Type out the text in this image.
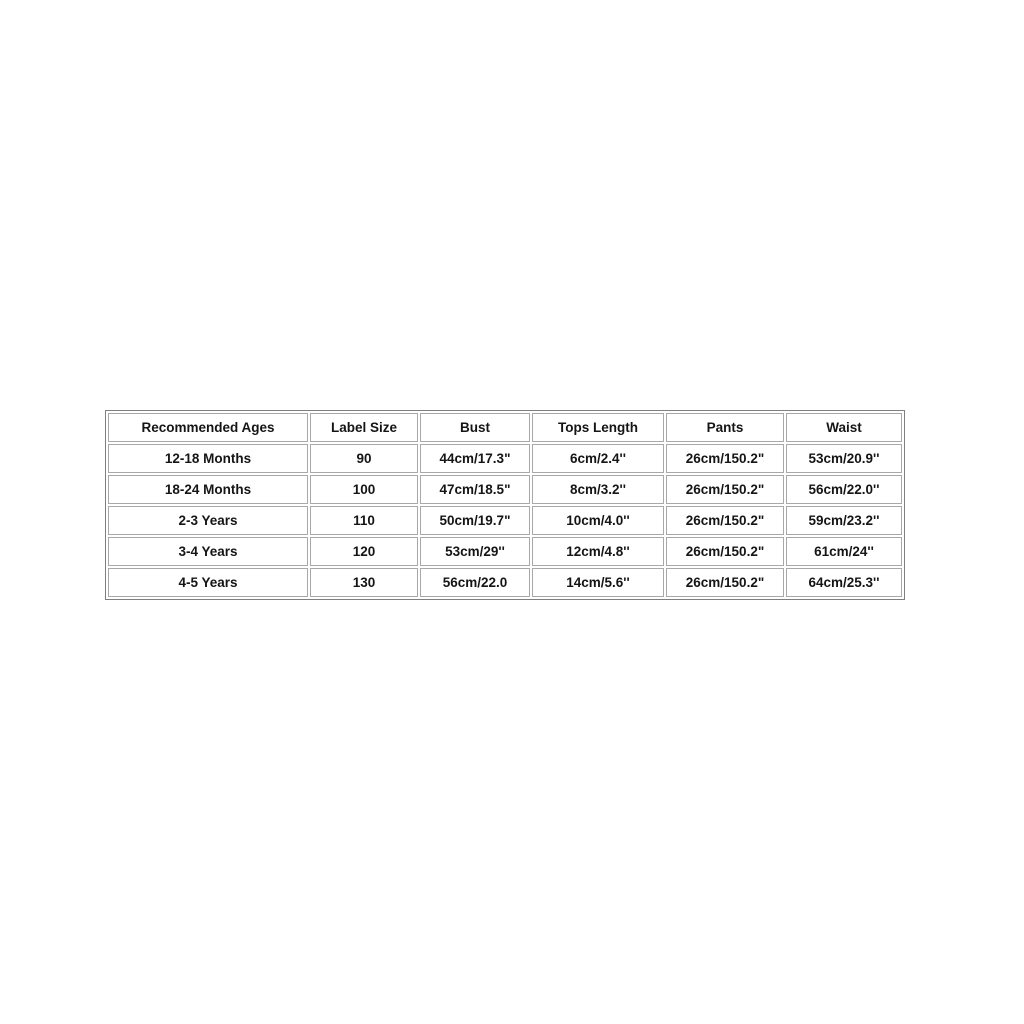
Recommended Ages	Label Size	Bust	Tops Length	Pants	Waist
12-18 Months	90	44cm/17.3"	6cm/2.4''	26cm/150.2"	53cm/20.9''
18-24 Months	100	47cm/18.5"	8cm/3.2''	26cm/150.2"	56cm/22.0''
2-3 Years	110	50cm/19.7"	10cm/4.0''	26cm/150.2"	59cm/23.2''
3-4 Years	120	53cm/29''	12cm/4.8''	26cm/150.2"	61cm/24''
4-5 Years	130	56cm/22.0	14cm/5.6''	26cm/150.2"	64cm/25.3''
